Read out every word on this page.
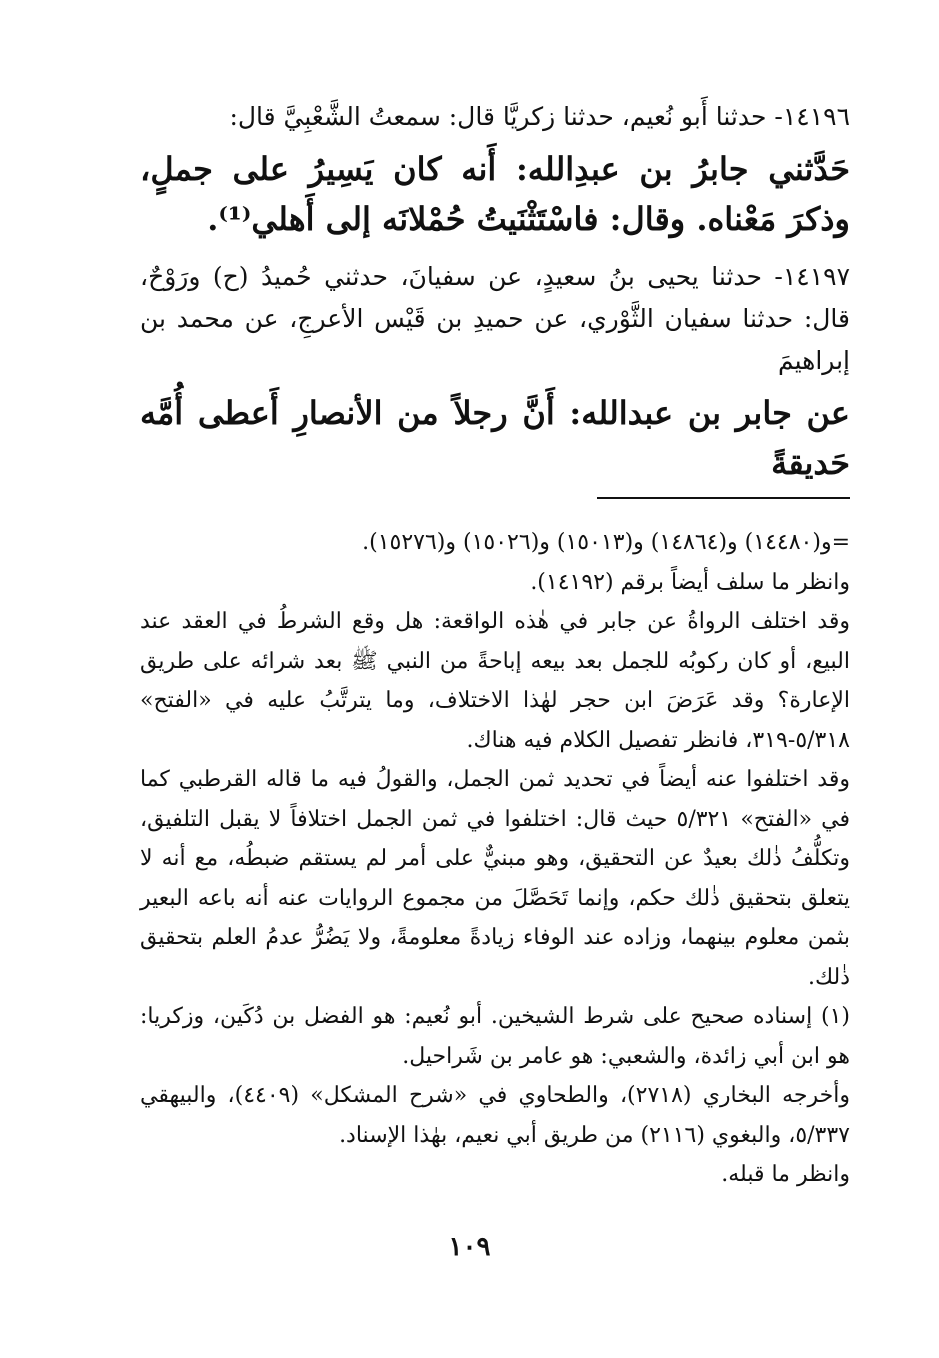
١٤١٩٦- حدثنا أَبو نُعيم، حدثنا زكريَّا قال: سمعتُ الشَّعْبِيَّ قال:

حَدَّثني جابرُ بن عبدِالله: أَنه كان يَسِيرُ على جملٍ، وذكرَ مَعْناه. وقال: فاسْتَثْنَيتُ حُمْلانَه إلى أَهلي⁽¹⁾.

١٤١٩٧- حدثنا يحيى بنُ سعيدٍ، عن سفيانَ، حدثني حُميدُ (ح) ورَوْحٌ، قال: حدثنا سفيان الثَّوْري، عن حميدِ بن قَيْس الأعرجِ، عن محمد بن إبراهيمَ

عن جابر بن عبدالله: أَنَّ رجلاً من الأنصارِ أَعطى أُمَّه حَديقةً

=و(١٤٤٨٠) و(١٤٨٦٤) و(١٥٠١٣) و(١٥٠٢٦) و(١٥٢٧٦).

وانظر ما سلف أيضاً برقم (١٤١٩٢).

وقد اختلف الرواةُ عن جابر في هٰذه الواقعة: هل وقع الشرطُ في العقد عند البيع، أو كان ركوبُه للجمل بعد بيعه إباحةً من النبي ﷺ بعد شرائه على طريق الإعارة؟ وقد عَرَضَ ابن حجر لهٰذا الاختلاف، وما يترتَّبُ عليه في «الفتح» ٥/٣١٨-٣١٩، فانظر تفصيل الكلام فيه هناك.

وقد اختلفوا عنه أيضاً في تحديد ثمن الجمل، والقولُ فيه ما قاله القرطبي كما في «الفتح» ٥/٣٢١ حيث قال: اختلفوا في ثمن الجمل اختلافاً لا يقبل التلفيق، وتكلُّفُ ذٰلك بعيدٌ عن التحقيق، وهو مبنيٌّ على أمر لم يستقم ضبطُه، مع أنه لا يتعلق بتحقيق ذٰلك حكم، وإنما تَحَصَّلَ من مجموع الروايات عنه أنه باعه البعير بثمن معلوم بينهما، وزاده عند الوفاء زيادةً معلومةً، ولا يَضُرُّ عدمُ العلم بتحقيق ذٰلك.

(١) إسناده صحيح على شرط الشيخين. أبو نُعيم: هو الفضل بن دُكَين، وزكريا: هو ابن أبي زائدة، والشعبي: هو عامر بن شَراحيل.

وأخرجه البخاري (٢٧١٨)، والطحاوي في «شرح المشكل» (٤٤٠٩)، والبيهقي ٥/٣٣٧، والبغوي (٢١١٦) من طريق أبي نعيم، بهٰذا الإسناد.

وانظر ما قبله.

١٠٩
